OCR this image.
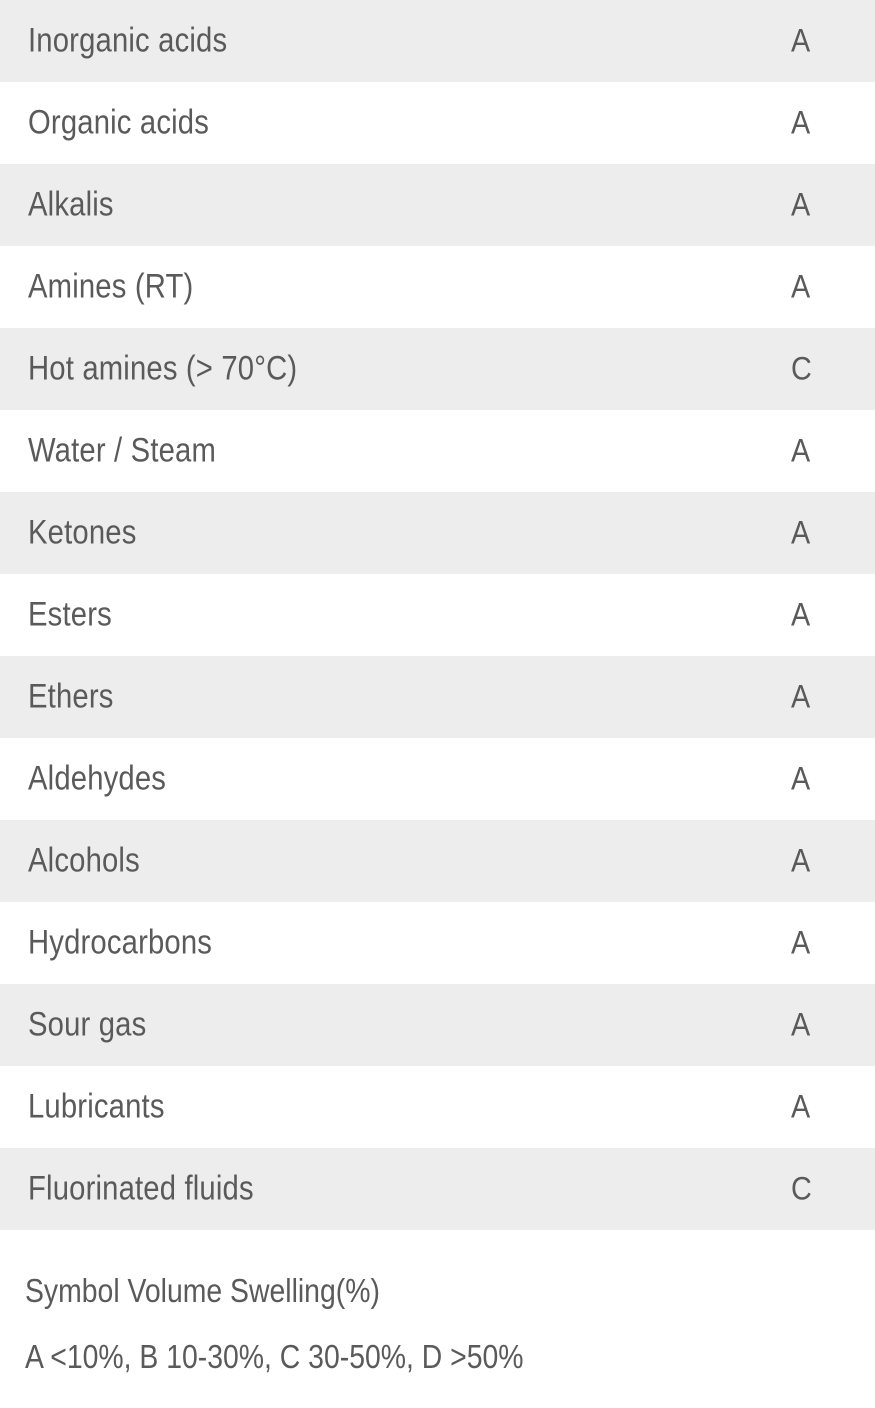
Inorganic acids	A
Organic acids	A
Alkalis	A
Amines (RT)	A
Hot amines (> 70°C)	C
Water / Steam	A
Ketones	A
Esters	A
Ethers	A
Aldehydes	A
Alcohols	A
Hydrocarbons	A
Sour gas	A
Lubricants	A
Fluorinated fluids	C
Symbol Volume Swelling(%)
A <10%, B 10-30%, C 30-50%, D >50%
